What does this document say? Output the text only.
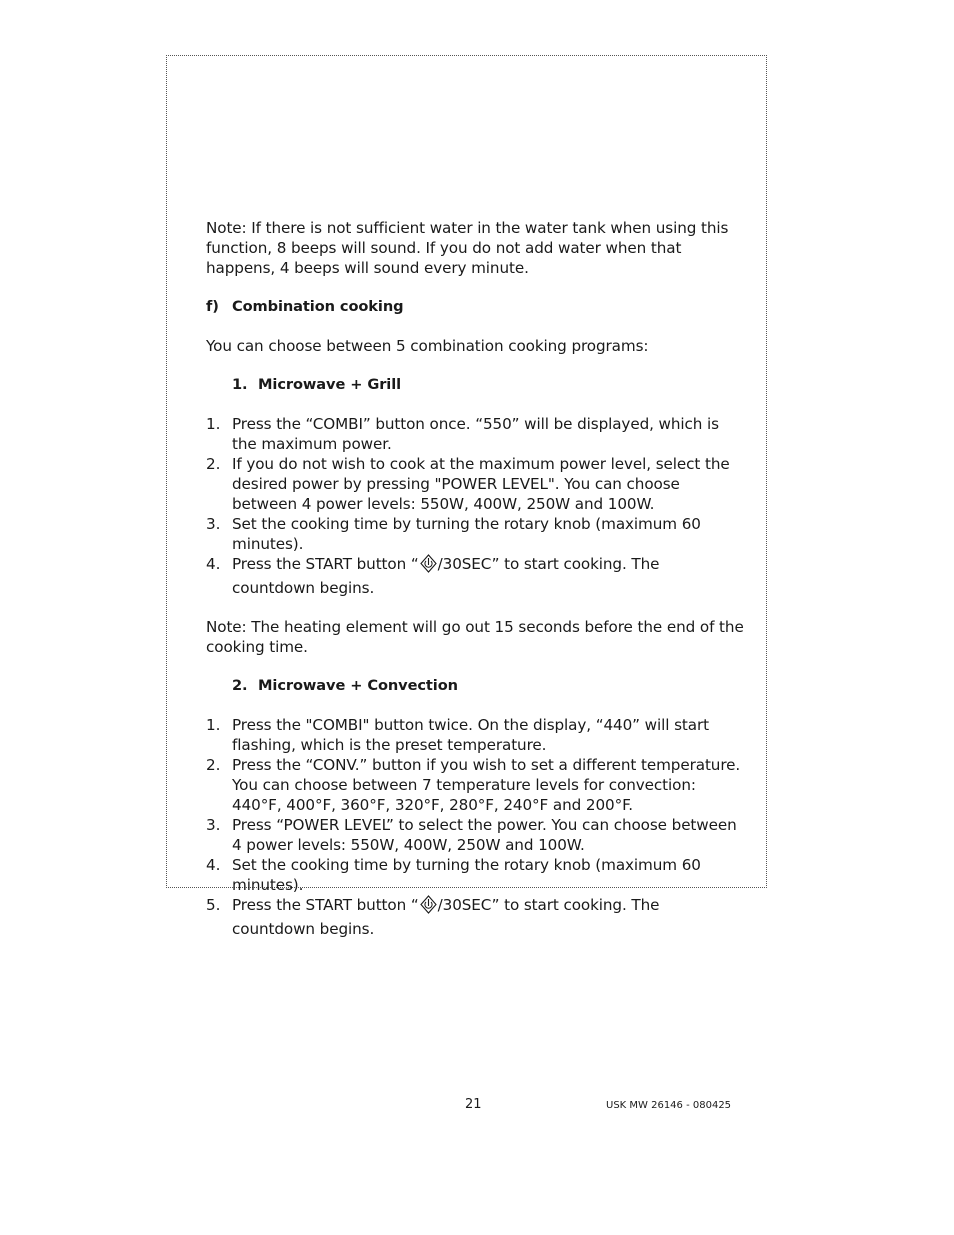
Note: If there is not sufficient water in the water tank when using this function, 8 beeps will sound. If you do not add water when that happens, 4 beeps will sound every minute.

f) Combination cooking

You can choose between 5 combination cooking programs:

1. Microwave + Grill

1. Press the “COMBI” button once. “550” will be displayed, which is the maximum power.
2. If you do not wish to cook at the maximum power level, select the desired power by pressing "POWER LEVEL". You can choose between 4 power levels: 550W, 400W, 250W and 100W.
3. Set the cooking time by turning the rotary knob (maximum 60 minutes).
4. Press the START button “ /30SEC” to start cooking. The countdown begins.

Note: The heating element will go out 15 seconds before the end of the cooking time.

2. Microwave + Convection

1. Press the "COMBI" button twice. On the display, “440” will start flashing, which is the preset temperature.
2. Press the “CONV.” button if you wish to set a different temperature. You can choose between 7 temperature levels for convection: 440°F, 400°F, 360°F, 320°F, 280°F, 240°F and 200°F.
3. Press “POWER LEVEL” to select the power. You can choose between 4 power levels: 550W, 400W, 250W and 100W.
4. Set the cooking time by turning the rotary knob (maximum 60 minutes).
5. Press the START button “ /30SEC” to start cooking. The countdown begins.
21	USK MW 26146 - 080425
